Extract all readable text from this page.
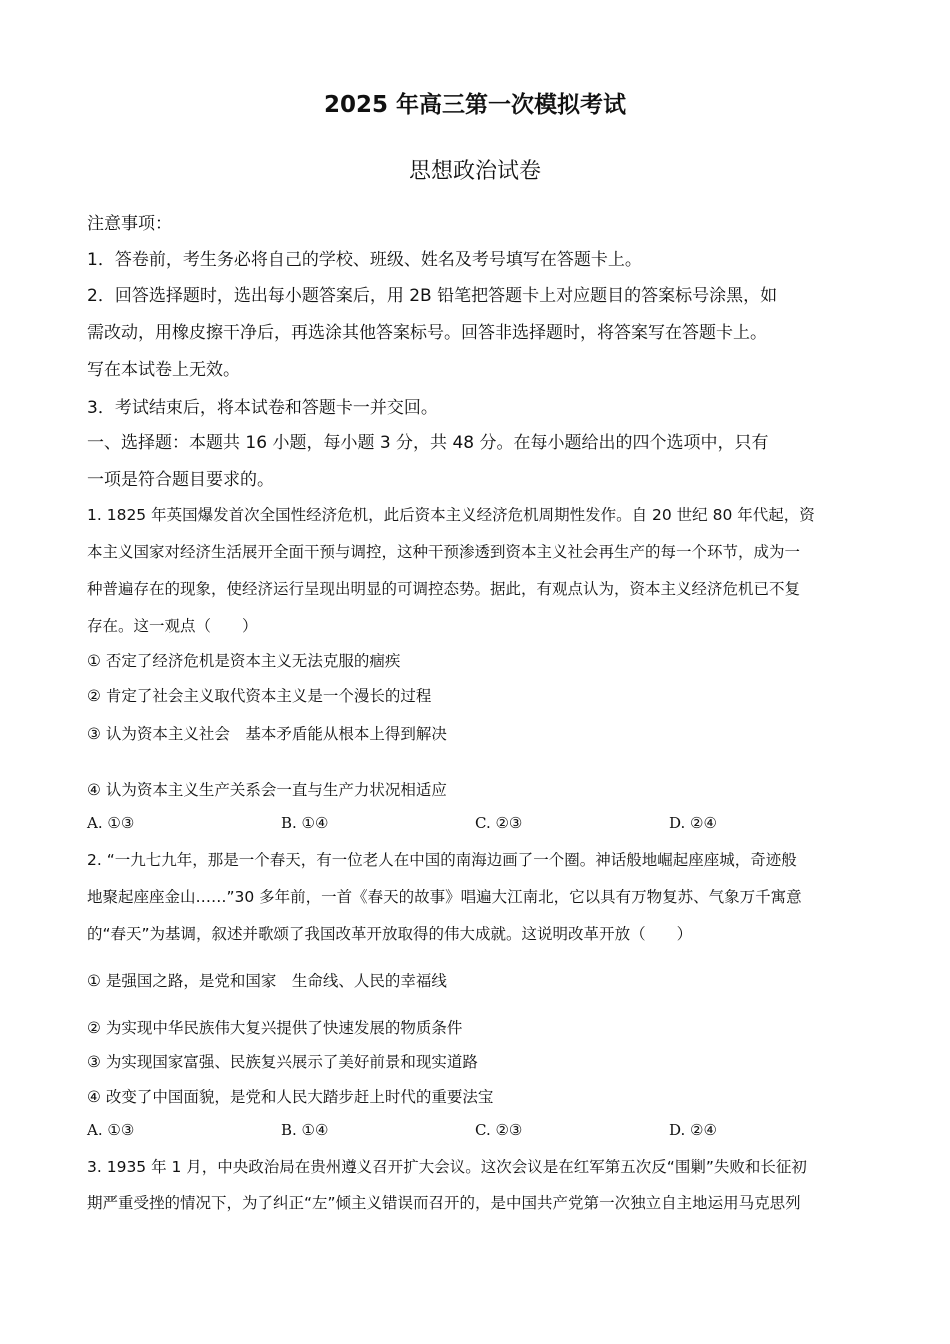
2025 年高三第一次模拟考试
思想政治试卷
注意事项：
1．答卷前，考生务必将自己的学校、班级、姓名及考号填写在答题卡上。
2．回答选择题时，选出每小题答案后，用 2B 铅笔把答题卡上对应题目的答案标号涂黑，如
需改动，用橡皮擦干净后，再选涂其他答案标号。回答非选择题时，将答案写在答题卡上。
写在本试卷上无效。
3．考试结束后，将本试卷和答题卡一并交回。
一、选择题：本题共 16 小题，每小题 3 分，共 48 分。在每小题给出的四个选项中，只有
一项是符合题目要求的。
1. 1825 年英国爆发首次全国性经济危机，此后资本主义经济危机周期性发作。自 20 世纪 80 年代起，资
本主义国家对经济生活展开全面干预与调控，这种干预渗透到资本主义社会再生产的每一个环节，成为一
种普遍存在的现象，使经济运行呈现出明显的可调控态势。据此，有观点认为，资本主义经济危机已不复
存在。这一观点（　　）
① 否定了经济危机是资本主义无法克服的痼疾
② 肯定了社会主义取代资本主义是一个漫长的过程
③ 认为资本主义社会　基本矛盾能从根本上得到解决
④ 认为资本主义生产关系会一直与生产力状况相适应
A. ①③	B. ①④	C. ②③	D. ②④
2. “一九七九年，那是一个春天，有一位老人在中国的南海边画了一个圈。神话般地崛起座座城，奇迹般
地聚起座座金山……”30 多年前，一首《春天的故事》唱遍大江南北，它以具有万物复苏、气象万千寓意
的“春天”为基调，叙述并歌颂了我国改革开放取得的伟大成就。这说明改革开放（　　）
① 是强国之路，是党和国家　生命线、人民的幸福线
② 为实现中华民族伟大复兴提供了快速发展的物质条件
③ 为实现国家富强、民族复兴展示了美好前景和现实道路
④ 改变了中国面貌，是党和人民大踏步赶上时代的重要法宝
A. ①③	B. ①④	C. ②③	D. ②④
3. 1935 年 1 月，中央政治局在贵州遵义召开扩大会议。这次会议是在红军第五次反“围剿”失败和长征初
期严重受挫的情况下，为了纠正“左”倾主义错误而召开的，是中国共产党第一次独立自主地运用马克思列
